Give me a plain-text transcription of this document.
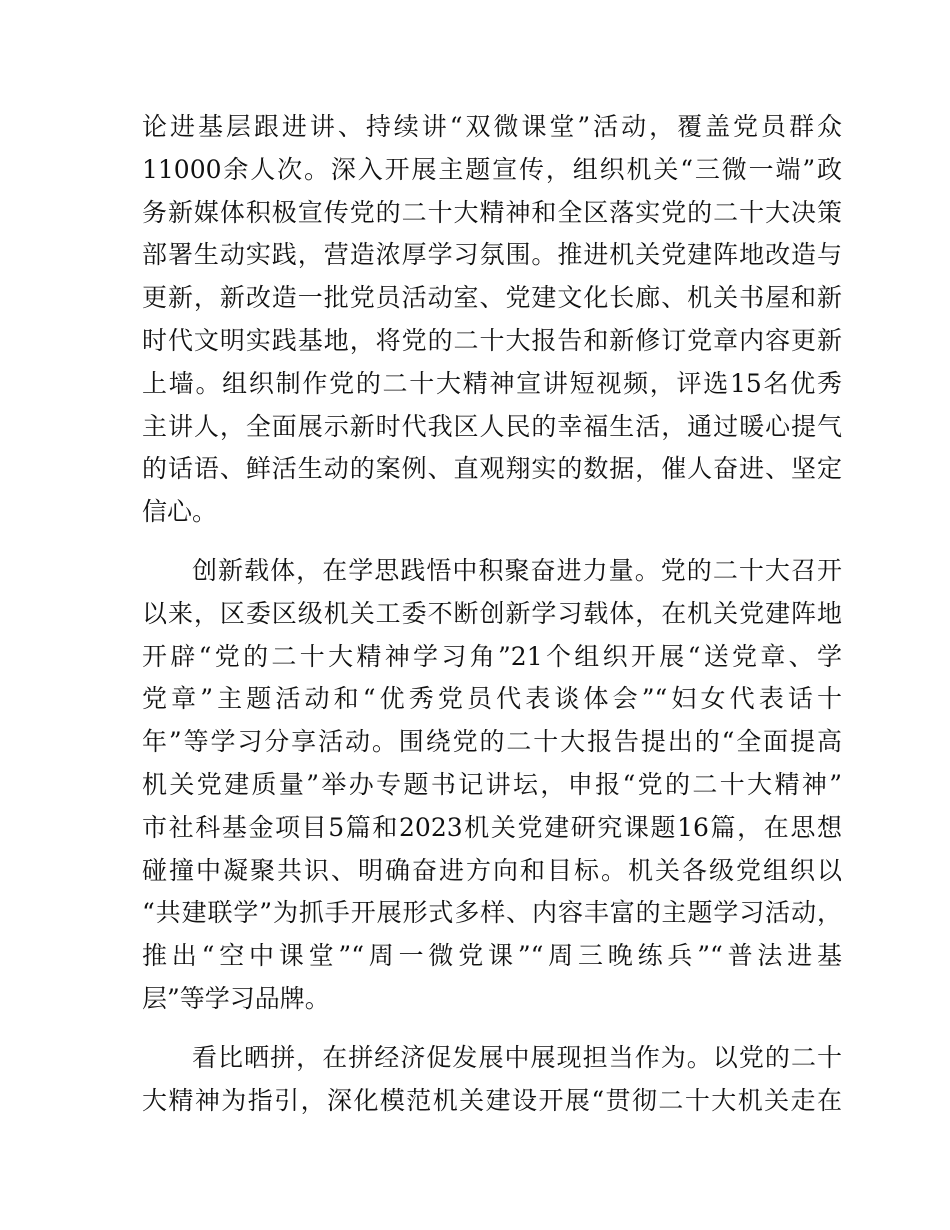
论进基层跟进讲、持续讲“双微课堂”活动，覆盖党员群众
11000余人次。深入开展主题宣传，组织机关“三微一端”政
务新媒体积极宣传党的二十大精神和全区落实党的二十大决策
部署生动实践，营造浓厚学习氛围。推进机关党建阵地改造与
更新，新改造一批党员活动室、党建文化长廊、机关书屋和新
时代文明实践基地，将党的二十大报告和新修订党章内容更新
上墙。组织制作党的二十大精神宣讲短视频，评选15名优秀
主讲人，全面展示新时代我区人民的幸福生活，通过暖心提气
的话语、鲜活生动的案例、直观翔实的数据，催人奋进、坚定
信心。
创新载体，在学思践悟中积聚奋进力量。党的二十大召开
以来，区委区级机关工委不断创新学习载体，在机关党建阵地
开辟“党的二十大精神学习角”21个组织开展“送党章、学
党章”主题活动和“优秀党员代表谈体会”“妇女代表话十
年”等学习分享活动。围绕党的二十大报告提出的“全面提高
机关党建质量”举办专题书记讲坛，申报“党的二十大精神”
市社科基金项目5篇和2023机关党建研究课题16篇，在思想
碰撞中凝聚共识、明确奋进方向和目标。机关各级党组织以
“共建联学”为抓手开展形式多样、内容丰富的主题学习活动，
推出“空中课堂”“周一微党课”“周三晚练兵”“普法进基
层”等学习品牌。
看比晒拼，在拼经济促发展中展现担当作为。以党的二十
大精神为指引，深化模范机关建设开展“贯彻二十大机关走在
